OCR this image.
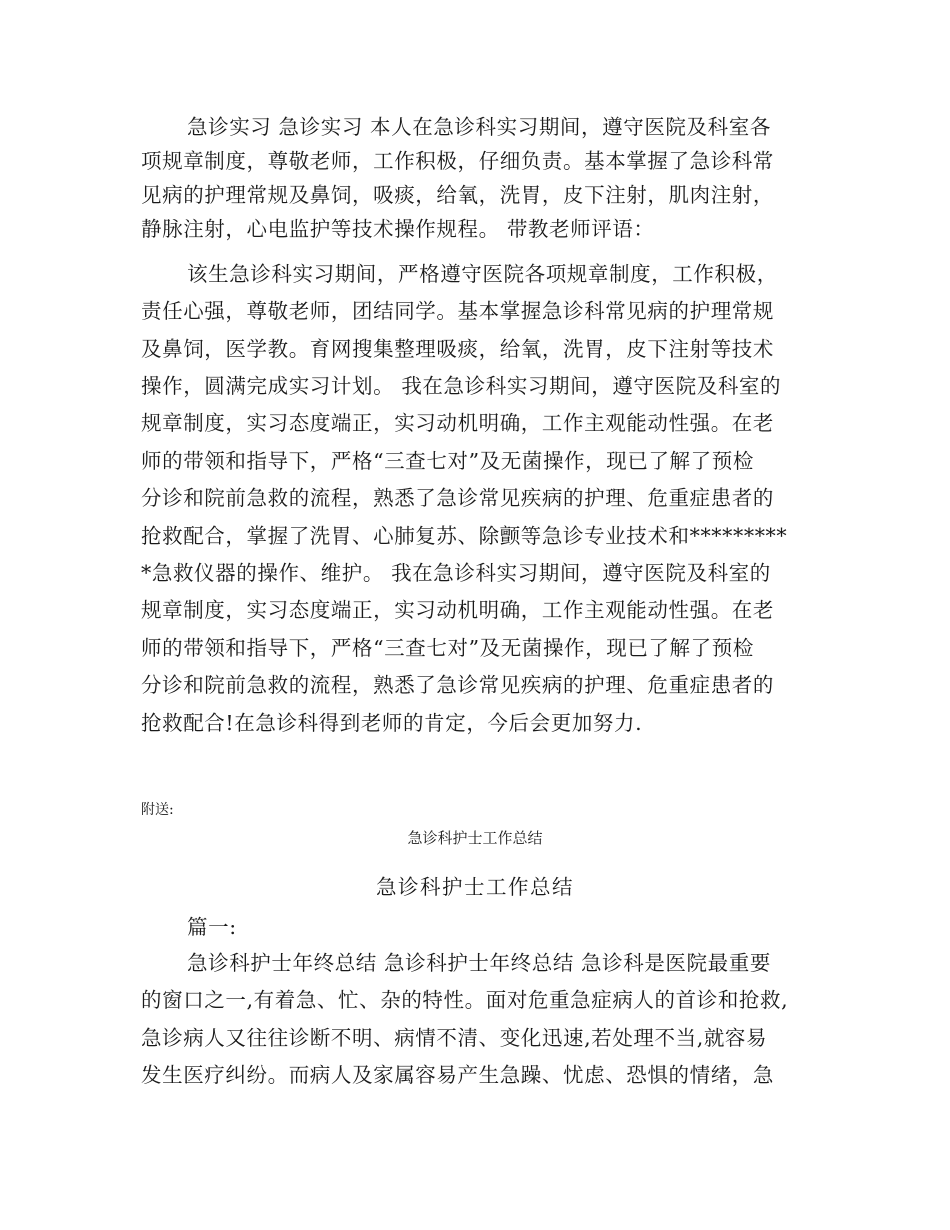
急诊实习 急诊实习 本人在急诊科实习期间，遵守医院及科室各
项规章制度，尊敬老师，工作积极，仔细负责。基本掌握了急诊科常
见病的护理常规及鼻饲，吸痰，给氧，洗胃，皮下注射，肌肉注射，
静脉注射，心电监护等技术操作规程。 带教老师评语：
该生急诊科实习期间，严格遵守医院各项规章制度，工作积极，
责任心强，尊敬老师，团结同学。基本掌握急诊科常见病的护理常规
及鼻饲，医学教。育网搜集整理吸痰，给氧，洗胃，皮下注射等技术
操作，圆满完成实习计划。 我在急诊科实习期间，遵守医院及科室的
规章制度，实习态度端正，实习动机明确，工作主观能动性强。在老
师的带领和指导下，严格“三查七对”及无菌操作，现已了解了预检
分诊和院前急救的流程，熟悉了急诊常见疾病的护理、危重症患者的
抢救配合，掌握了洗胃、心肺复苏、除颤等急诊专业技术和*********
*急救仪器的操作、维护。 我在急诊科实习期间，遵守医院及科室的
规章制度，实习态度端正，实习动机明确，工作主观能动性强。在老
师的带领和指导下，严格“三查七对”及无菌操作，现已了解了预检
分诊和院前急救的流程，熟悉了急诊常见疾病的护理、危重症患者的
抢救配合!在急诊科得到老师的肯定，今后会更加努力.
附送:
急诊科护士工作总结
急诊科护士工作总结
篇一:
急诊科护士年终总结 急诊科护士年终总结 急诊科是医院最重要
的窗口之一,有着急、忙、杂的特性。面对危重急症病人的首诊和抢救,
急诊病人又往往诊断不明、病情不清、变化迅速,若处理不当,就容易
发生医疗纠纷。而病人及家属容易产生急躁、忧虑、恐惧的情绪，急
